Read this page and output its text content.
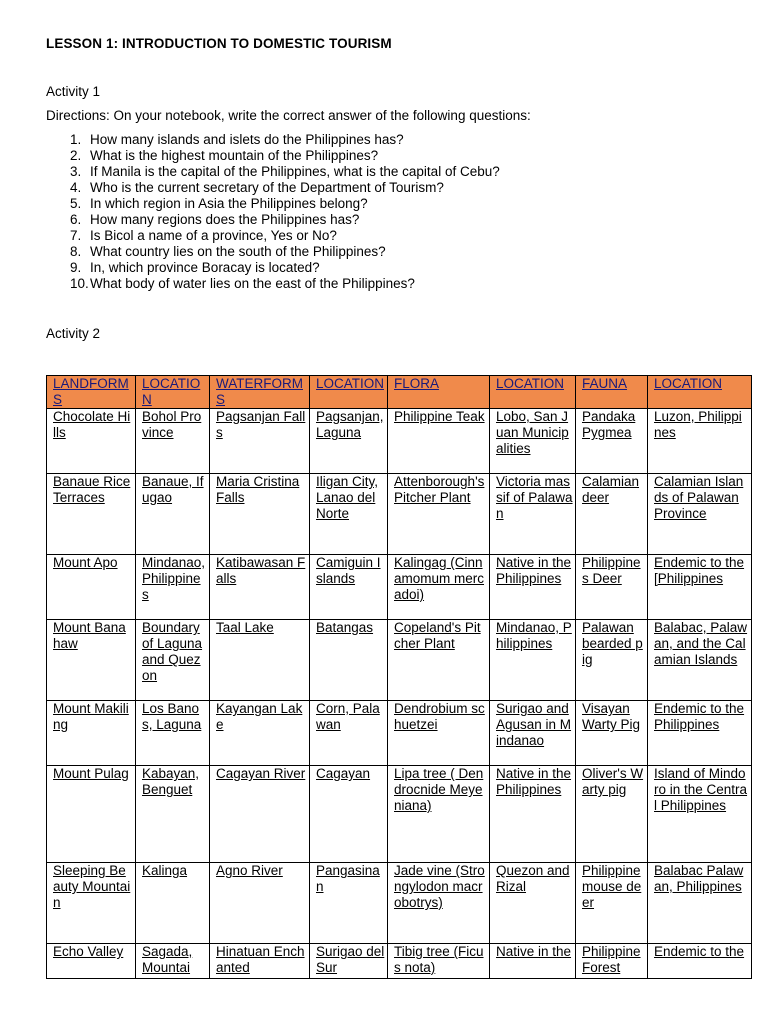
LESSON 1: INTRODUCTION TO DOMESTIC TOURISM
Activity 1
Directions: On your notebook, write the correct answer of the following questions:
1. How many islands and islets do the Philippines has?
2. What is the highest mountain of the Philippines?
3. If Manila is the capital of the Philippines, what is the capital of Cebu?
4. Who is the current secretary of the Department of Tourism?
5. In which region in Asia the Philippines belong?
6. How many regions does the Philippines has?
7. Is Bicol a name of a province, Yes or No?
8. What country lies on the south of the Philippines?
9. In, which province Boracay is located?
10. What body of water lies on the east of the Philippines?
Activity 2
LANDFORMS	LOCATION	WATERFORMS	LOCATION	FLORA	LOCATION	FAUNA	LOCATION

Chocolate Hills	Bohol Province	Pagsanjan Falls	Pagsanjan, Laguna	Philippine Teak	Lobo, San Juan Municipalities	Pandaka Pygmea	Luzon, Philippines

Banaue Rice Terraces	Banaue, Ifugao	Maria Cristina Falls	Iligan City, Lanao del Norte	Attenborough's Pitcher Plant	Victoria massif of Palawan	Calamian deer	Calamian Islands of Palawan Province

Mount Apo	Mindanao, Philippines	Katibawasan Falls	Camiguin Islands	Kalingag (Cinnamomum mercadoi)	Native in the Philippines	Philippines Deer	Endemic to the [Philippines

Mount Banahaw	Boundary of Laguna and Quezon	Taal Lake	Batangas	Copeland's Pitcher Plant	Mindanao, Philippines	Palawan bearded pig	Balabac, Palawan, and the Calamian Islands

Mount Makiling	Los Banos, Laguna	Kayangan Lake	Corn, Palawan	Dendrobium schuetzei	Surigao and Agusan in Mindanao	Visayan Warty Pig	Endemic to the Philippines

Mount Pulag	Kabayan, Benguet	Cagayan River	Cagayan	Lipa tree ( Dendrocnide Meyeniana)	Native in the Philippines	Oliver's Warty pig	Island of Mindoro in the Central Philippines

Sleeping Beauty Mountain	Kalinga	Agno River	Pangasinan	Jade vine (Strongylodon macrobotrys)	Quezon and Rizal	Philippine mouse deer	Balabac Palawan, Philippines

Echo Valley	Sagada, Mountai	Hinatuan Enchanted	Surigao del Sur	Tibig tree (Ficus nota)	Native in the	Philippine Forest	Endemic to the
